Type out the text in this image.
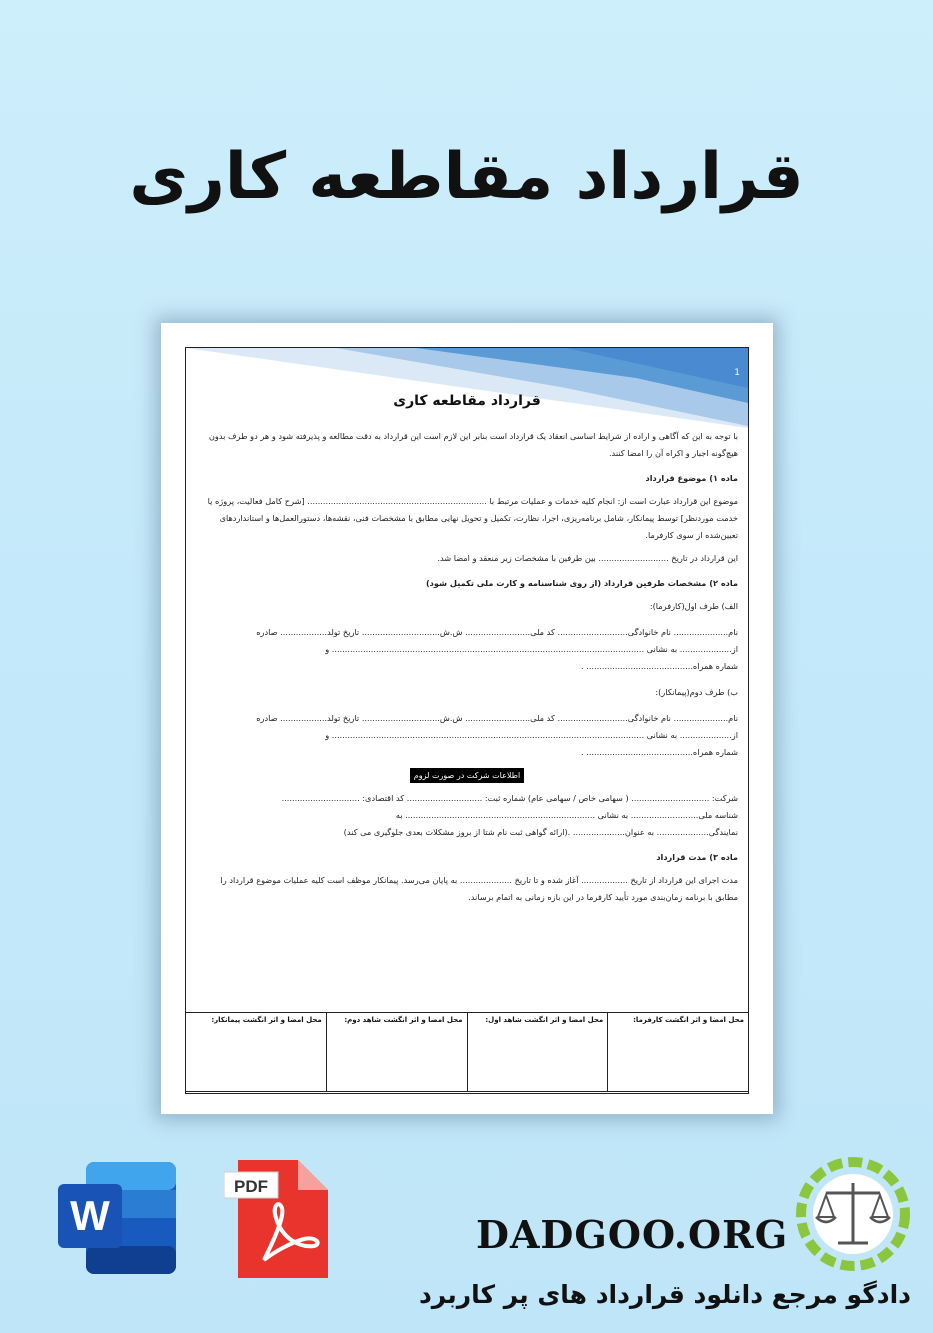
قرارداد مقاطعه کاری
1
قرارداد مقاطعه کاری

با توجه به این که آگاهی و اراده از شرایط اساسی انعقاد یک قرارداد است بنابر این لازم است این قرارداد به دقت مطالعه و پذیرفته شود و هر دو طرف بدون هیچ‌گونه اجبار و اکراه آن را امضا کنند.

ماده ۱) موضوع قرارداد

موضوع این قرارداد عبارت است از: انجام کلیه خدمات و عملیات مرتبط با ..................................................................... [شرح کامل فعالیت، پروژه یا خدمت موردنظر] توسط پیمانکار، شامل برنامه‌ریزی، اجرا، نظارت، تکمیل و تحویل نهایی مطابق با مشخصات فنی، نقشه‌ها، دستورالعمل‌ها و استانداردهای تعیین‌شده از سوی کارفرما.

این قرارداد در تاریخ ........................... بین طرفین با مشخصات زیر منعقد و امضا شد.

ماده ۲) مشخصات طرفین قرارداد (از روی شناسنامه و کارت ملی تکمیل شود)

الف) طرف اول(کارفرما):

نام..................... نام خانوادگی........................... کد ملی......................... ش.ش.............................. تاریخ تولد.................. صادره

از.................... به نشانی ........................................................................................................................ و

شماره همراه......................................... .

ب) طرف دوم(پیمانکار):

نام..................... نام خانوادگی........................... کد ملی......................... ش.ش.............................. تاریخ تولد.................. صادره

از.................... به نشانی ........................................................................................................................ و

شماره همراه......................................... .

اطلاعات شرکت در صورت لزوم

شرکت: .............................. ( سهامی خاص / سهامی عام) شماره ثبت: ............................. کد اقتصادی: ..............................

شناسه ملی.......................... به نشانی ......................................................................... به

نمایندگی.................... به عنوان.................... .(ارائه گواهی ثبت نام شتا از بروز مشکلات بعدی جلوگیری می کند)

ماده ۳) مدت قرارداد

مدت اجرای این قرارداد از تاریخ .................. آغاز شده و تا تاریخ .................... به پایان می‌رسد. پیمانکار موظف است کلیه عملیات موضوع قرارداد را مطابق با برنامه زمان‌بندی مورد تأیید کارفرما در این بازه زمانی به اتمام برساند.

محل امضا و اثر انگشت کارفرما:
محل امضا و اثر انگشت شاهد اول:
محل امضا و اثر انگشت شاهد دوم:
محل امضا و اثر انگشت پیمانکار:
W
PDF
DADGOO.ORG
دادگو مرجع دانلود قرارداد های پر کاربرد
